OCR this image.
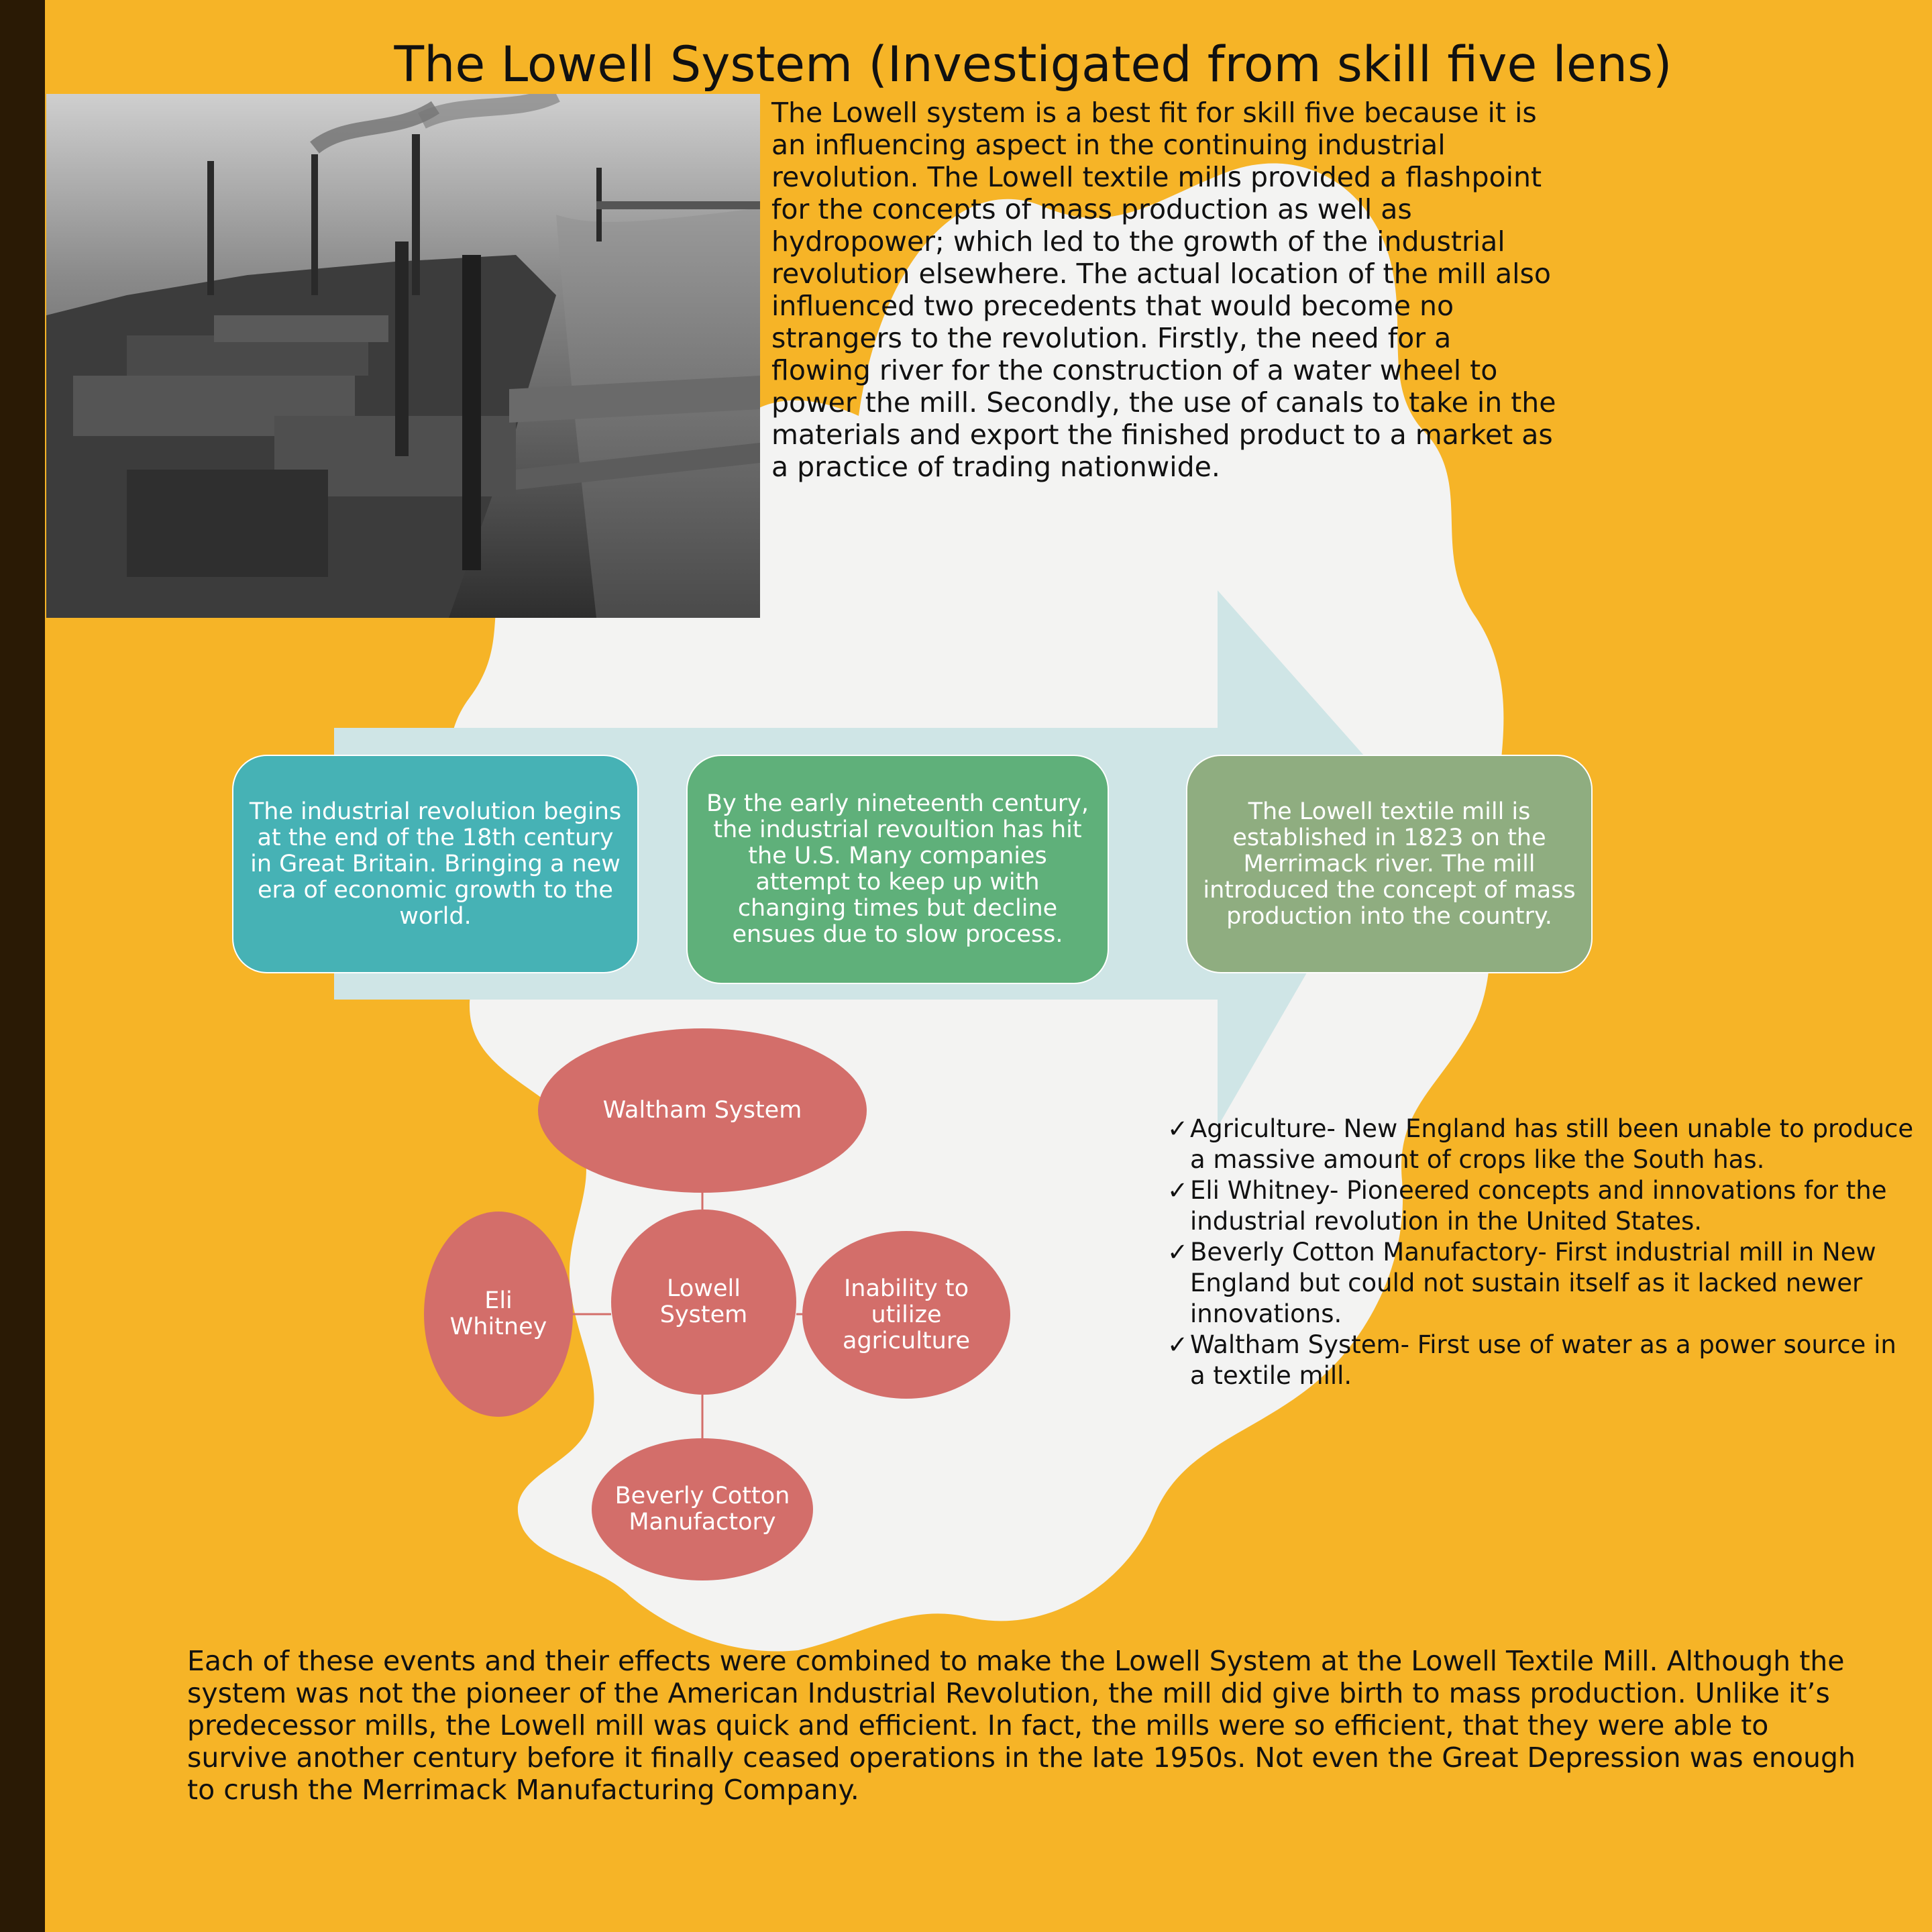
The Lowell System (Investigated from skill five lens)

The Lowell system is a best fit for skill five because it is an influencing aspect in the continuing industrial revolution. The Lowell textile mills provided a flashpoint for the concepts of mass production as well as hydropower; which led to the growth of the industrial revolution elsewhere. The actual location of the mill also influenced two precedents that would become no strangers to the revolution. Firstly, the need for a flowing river for the construction of a water wheel to power the mill. Secondly, the use of canals to take in the materials and export the finished product to a market as a practice of trading nationwide.

The industrial revolution begins at the end of the 18th century in Great Britain. Bringing a new era of economic growth to the world.
By the early nineteenth century, the industrial revoultion has hit the U.S. Many companies attempt to keep up with changing times but decline ensues due to slow process.
The Lowell textile mill is established in 1823 on the Merrimack river. The mill introduced the concept of mass production into the country.
Waltham System
Lowell System
Eli Whitney
Inability to utilize agriculture
Beverly Cotton Manufactory
✓ Agriculture- New England has still been unable to produce a massive amount of crops like the South has.
✓ Eli Whitney- Pioneered concepts and innovations for the industrial revolution in the United States.
✓ Beverly Cotton Manufactory- First industrial mill in New England but could not sustain itself as it lacked newer innovations.
✓ Waltham System- First use of water as a power source in a textile mill.

Each of these events and their effects were combined to make the Lowell System at the Lowell Textile Mill. Although the system was not the pioneer of the American Industrial Revolution, the mill did give birth to mass production. Unlike it’s predecessor mills, the Lowell mill was quick and efficient. In fact, the mills were so efficient, that they were able to survive another century before it finally ceased operations in the late 1950s. Not even the Great Depression was enough to crush the Merrimack Manufacturing Company.
